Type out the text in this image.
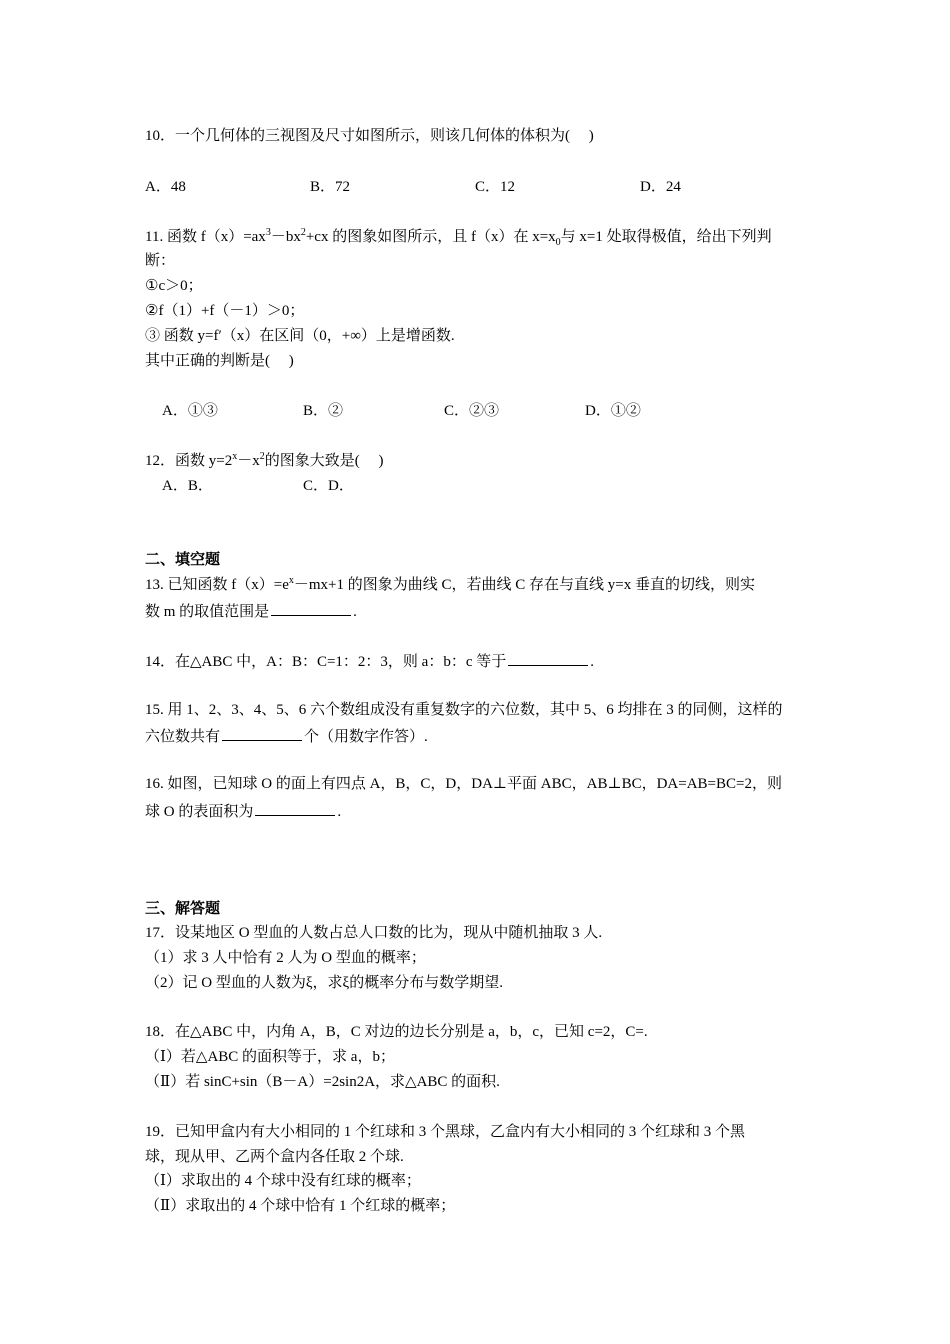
10．一个几何体的三视图及尺寸如图所示，则该几何体的体积为(　 )
A．48	B．72	C．12	D．24
11. 函数 $f(x)=ax^3-bx^2+cx$ 的图象如图所示，且 f（x）在 $x=x_0$与 x=1 处取得极值，给出下列判
断：
①c＞0；
②f（1）+f（－1）＞0；
③ 函数 y=f′（x）在区间（0，+∞）上是增函数.
其中正确的判断是(　 )
A．①③	B．②	C．②③	D．①②
12．函数 $y=2^x-x^2$的图象大致是(　 )
A．B．	C．D．
二、填空题
13. 已知函数 $f(x)=e^x-mx+1$ 的图象为曲线 C，若曲线 C 存在与直线 y=x 垂直的切线，则实
数 m 的取值范围是	.
14．在△ABC 中，A：B：C=1：2：3，则 a：b：c 等于	.
15. 用 1、2、3、4、5、6 六个数组成没有重复数字的六位数，其中 5、6 均排在 3 的同侧，这样的
六位数共有	个（用数字作答）.
16. 如图，已知球 O 的面上有四点 A，B，C，D，DA⊥平面 ABC，AB⊥BC，DA=AB=BC=2，则
球 O 的表面积为	.
三、解答题
17．设某地区 O 型血的人数占总人口数的比为，现从中随机抽取 3 人.
（1）求 3 人中恰有 2 人为 O 型血的概率；
（2）记 O 型血的人数为ξ，求ξ的概率分布与数学期望.
18．在△ABC 中，内角 A，B，C 对边的边长分别是 a，b，c，已知 c=2，C=.
（Ⅰ）若△ABC 的面积等于，求 a，b；
（Ⅱ）若 sinC+sin（B－A）=2sin2A，求△ABC 的面积.
19．已知甲盒内有大小相同的 1 个红球和 3 个黑球，乙盒内有大小相同的 3 个红球和 3 个黑
球，现从甲、乙两个盒内各任取 2 个球.
（Ⅰ）求取出的 4 个球中没有红球的概率；
（Ⅱ）求取出的 4 个球中恰有 1 个红球的概率；
